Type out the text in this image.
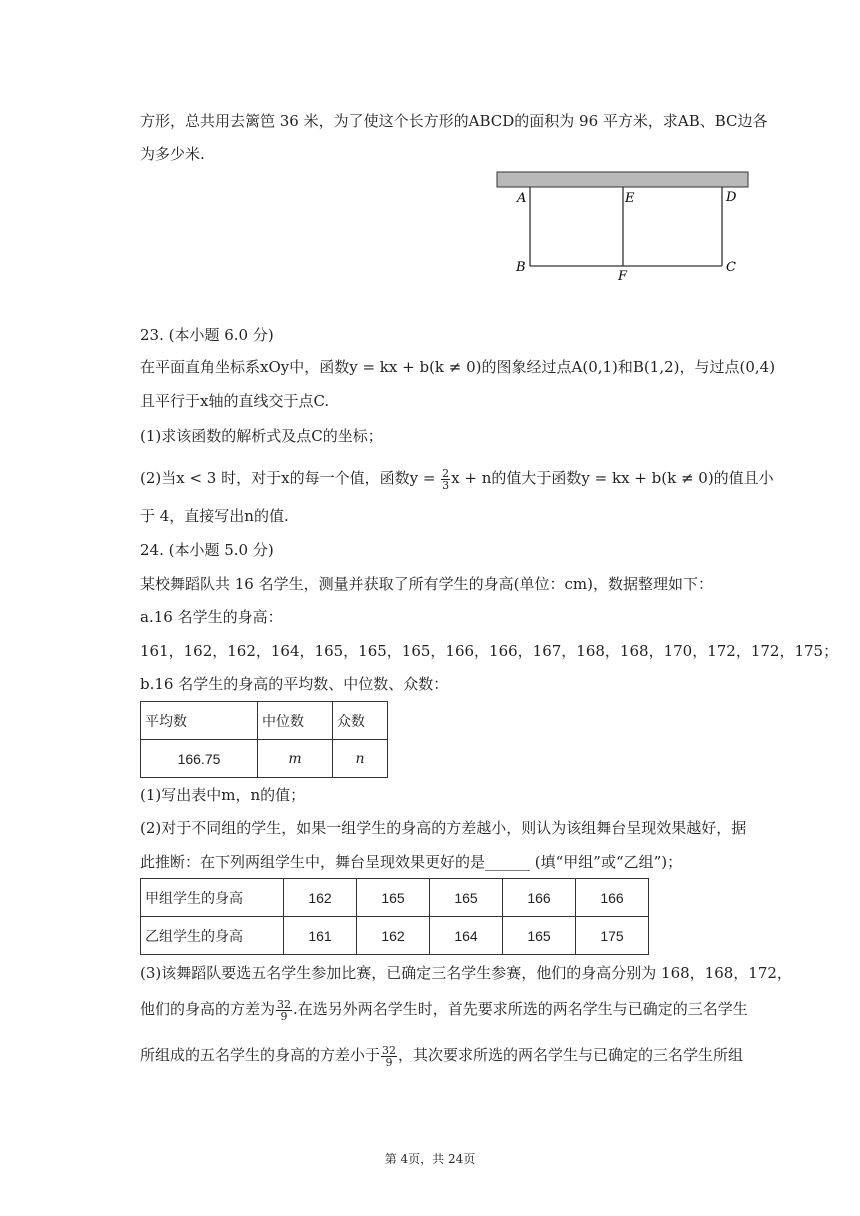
方形，总共用去篱笆 36 米，为了使这个长方形的ABCD的面积为 96 平方米，求AB、BC边各
为多少米.
A	E	D
B
F
C
23. (本小题 6.0 分)
在平面直角坐标系xOy中，函数y = kx + b(k ≠ 0)的图象经过点A(0,1)和B(1,2)，与过点(0,4)
且平行于x轴的直线交于点C.
(1)求该函数的解析式及点C的坐标；
(2)当x < 3 时，对于x的每一个值，函数$y = \frac{2}{3}$ x + n的值大于函数y = kx + b(k ≠ 0)的值且小
于 4，直接写出n的值.
24. (本小题 5.0 分)
某校舞蹈队共 16 名学生，测量并获取了所有学生的身高(单位：cm)，数据整理如下：
a.16 名学生的身高：
161，162，162，164，165，165，165，166，166，167，168，168，170，172，172，175；
b.16 名学生的身高的平均数、中位数、众数：
平均数	中位数	众数
166.75	m	n
(1)写出表中m，n的值；
(2)对于不同组的学生，如果一组学生的身高的方差越小，则认为该组舞台呈现效果越好，据
此推断：在下列两组学生中，舞台呈现效果更好的是______ (填“甲组”或“乙组”)；
甲组学生的身高	162	165	165	166	166
乙组学生的身高	161	162	164	165	175
(3)该舞蹈队要选五名学生参加比赛，已确定三名学生参赛，他们的身高分别为 168，168，172，
他们的身高的方差为 $\frac{32}{9}$ .在选另外两名学生时，首先要求所选的两名学生与已确定的三名学生
所组成的五名学生的身高的方差小于 $\frac{32}{9}$ ，其次要求所选的两名学生与已确定的三名学生所组
第 4页，共 24页
